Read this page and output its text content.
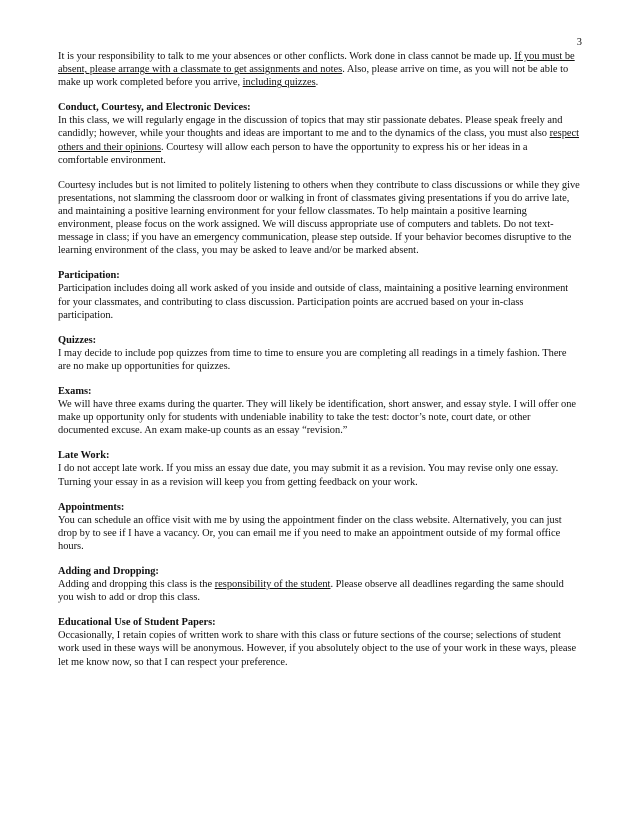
3

It is your responsibility to talk to me your absences or other conflicts. Work done in class cannot be made up. If you must be absent, please arrange with a classmate to get assignments and notes. Also, please arrive on time, as you will not be able to make up work completed before you arrive, including quizzes.

Conduct, Courtesy, and Electronic Devices:
In this class, we will regularly engage in the discussion of topics that may stir passionate debates. Please speak freely and candidly; however, while your thoughts and ideas are important to me and to the dynamics of the class, you must also respect others and their opinions. Courtesy will allow each person to have the opportunity to express his or her ideas in a comfortable environment.

Courtesy includes but is not limited to politely listening to others when they contribute to class discussions or while they give presentations, not slamming the classroom door or walking in front of classmates giving presentations if you do arrive late, and maintaining a positive learning environment for your fellow classmates. To help maintain a positive learning environment, please focus on the work assigned. We will discuss appropriate use of computers and tablets. Do not text-message in class; if you have an emergency communication, please step outside. If your behavior becomes disruptive to the learning environment of the class, you may be asked to leave and/or be marked absent.

Participation:
Participation includes doing all work asked of you inside and outside of class, maintaining a positive learning environment for your classmates, and contributing to class discussion. Participation points are accrued based on your in-class participation.

Quizzes:
I may decide to include pop quizzes from time to time to ensure you are completing all readings in a timely fashion. There are no make up opportunities for quizzes.

Exams:
We will have three exams during the quarter. They will likely be identification, short answer, and essay style. I will offer one make up opportunity only for students with undeniable inability to take the test: doctor’s note, court date, or other documented excuse. An exam make-up counts as an essay “revision.”

Late Work:
I do not accept late work. If you miss an essay due date, you may submit it as a revision. You may revise only one essay. Turning your essay in as a revision will keep you from getting feedback on your work.

Appointments:
You can schedule an office visit with me by using the appointment finder on the class website. Alternatively, you can just drop by to see if I have a vacancy. Or, you can email me if you need to make an appointment outside of my formal office hours.

Adding and Dropping:
Adding and dropping this class is the responsibility of the student. Please observe all deadlines regarding the same should you wish to add or drop this class.

Educational Use of Student Papers:
Occasionally, I retain copies of written work to share with this class or future sections of the course; selections of student work used in these ways will be anonymous. However, if you absolutely object to the use of your work in these ways, please let me know now, so that I can respect your preference.
